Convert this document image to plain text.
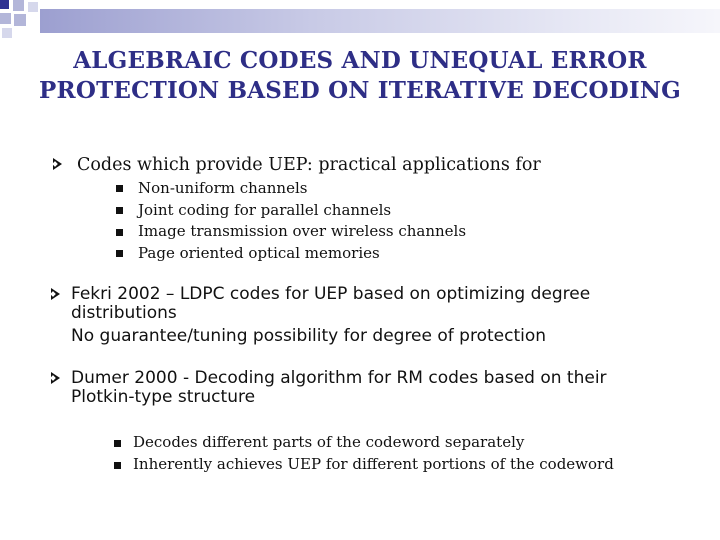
ALGEBRAIC CODES AND UNEQUAL ERROR PROTECTION BASED ON ITERATIVE DECODING
Codes which provide UEP: practical applications for
Non-uniform channels
Joint coding for parallel channels
Image transmission over wireless channels
Page oriented optical memories
Fekri 2002 – LDPC codes for UEP based on optimizing degree
distributions
No guarantee/tuning possibility for degree of protection
Dumer 2000 - Decoding algorithm for RM codes based on their
Plotkin-type structure
Decodes different parts of the codeword separately
Inherently achieves UEP for different portions of the codeword
